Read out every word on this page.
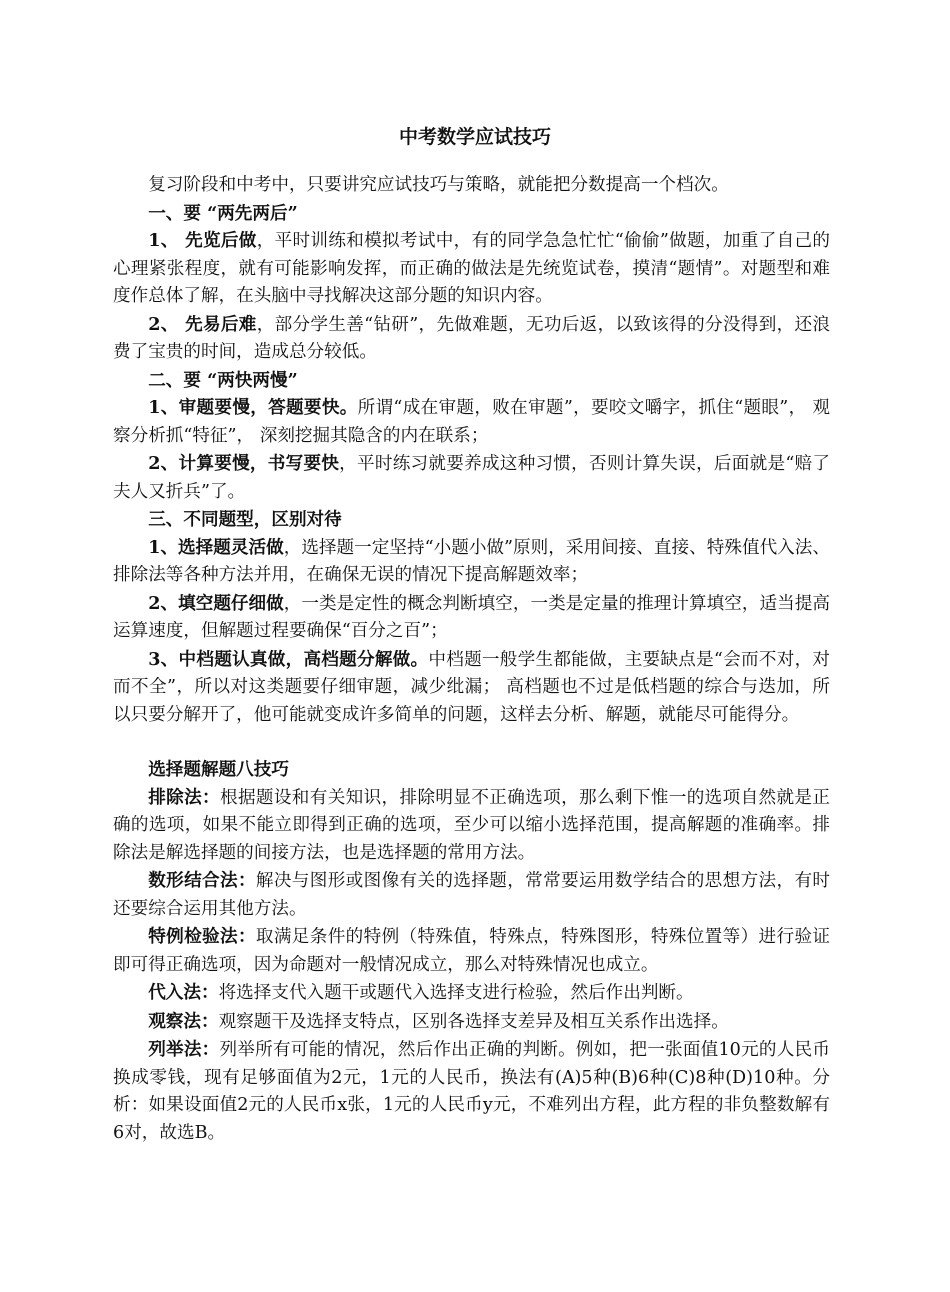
中考数学应试技巧

复习阶段和中考中，只要讲究应试技巧与策略，就能把分数提高一个档次。

一、要 “两先两后”

1、 先览后做，平时训练和模拟考试中，有的同学急急忙忙“偷偷”做题，加重了自己的心理紧张程度，就有可能影响发挥，而正确的做法是先统览试卷，摸清“题情”。对题型和难度作总体了解，在头脑中寻找解决这部分题的知识内容。

2、 先易后难，部分学生善“钻研”，先做难题，无功后返，以致该得的分没得到，还浪费了宝贵的时间，造成总分较低。

二、要 “两快两慢”

1、审题要慢，答题要快。所谓“成在审题，败在审题”，要咬文嚼字，抓住“题眼”， 观察分析抓“特征”， 深刻挖掘其隐含的内在联系；

2、计算要慢，书写要快，平时练习就要养成这种习惯，否则计算失误，后面就是“赔了夫人又折兵”了。

三、不同题型，区别对待

1、选择题灵活做，选择题一定坚持“小题小做”原则，采用间接、直接、特殊值代入法、排除法等各种方法并用，在确保无误的情况下提高解题效率；

2、填空题仔细做，一类是定性的概念判断填空，一类是定量的推理计算填空，适当提高运算速度，但解题过程要确保“百分之百”；

3、中档题认真做，高档题分解做。中档题一般学生都能做，主要缺点是“会而不对，对而不全”，所以对这类题要仔细审题，减少纰漏； 高档题也不过是低档题的综合与迭加，所以只要分解开了，他可能就变成许多简单的问题，这样去分析、解题，就能尽可能得分。

选择题解题八技巧

排除法：根据题设和有关知识，排除明显不正确选项，那么剩下惟一的选项自然就是正确的选项，如果不能立即得到正确的选项，至少可以缩小选择范围，提高解题的准确率。排除法是解选择题的间接方法，也是选择题的常用方法。

数形结合法：解决与图形或图像有关的选择题，常常要运用数学结合的思想方法，有时还要综合运用其他方法。

特例检验法：取满足条件的特例（特殊值，特殊点，特殊图形，特殊位置等）进行验证即可得正确选项，因为命题对一般情况成立，那么对特殊情况也成立。

代入法：将选择支代入题干或题代入选择支进行检验，然后作出判断。

观察法：观察题干及选择支特点，区别各选择支差异及相互关系作出选择。

列举法：列举所有可能的情况，然后作出正确的判断。例如，把一张面值10元的人民币换成零钱，现有足够面值为2元，1元的人民币，换法有(A)5种(B)6种(C)8种(D)10种。分析：如果设面值2元的人民币x张，1元的人民币y元，不难列出方程，此方程的非负整数解有6对，故选B。
